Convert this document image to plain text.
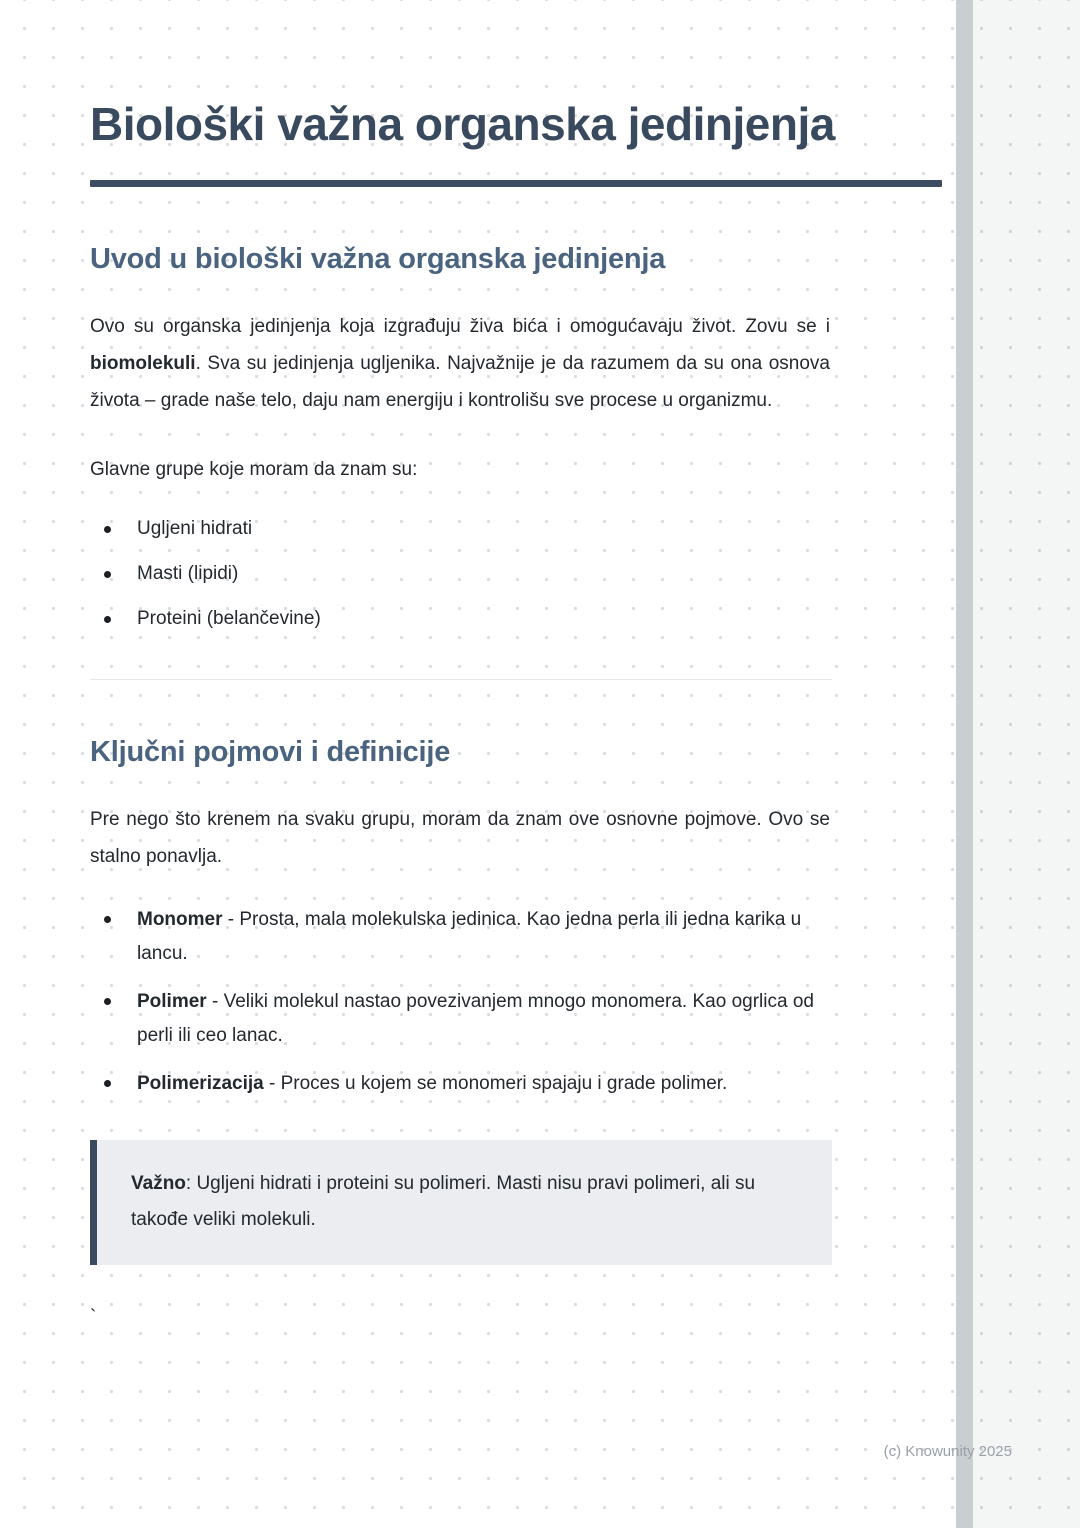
Biološki važna organska jedinjenja
Uvod u biološki važna organska jedinjenja
Ovo su organska jedinjenja koja izgrađuju živa bića i omogućavaju život. Zovu se i biomolekuli. Sva su jedinjenja ugljenika. Najvažnije je da razumem da su ona osnova života – grade naše telo, daju nam energiju i kontrolišu sve procese u organizmu.
Glavne grupe koje moram da znam su:
Ugljeni hidrati
Masti (lipidi)
Proteini (belančevine)
Ključni pojmovi i definicije
Pre nego što krenem na svaku grupu, moram da znam ove osnovne pojmove. Ovo se stalno ponavlja.
Monomer - Prosta, mala molekulska jedinica. Kao jedna perla ili jedna karika u lancu.
Polimer - Veliki molekul nastao povezivanjem mnogo monomera. Kao ogrlica od perli ili ceo lanac.
Polimerizacija - Proces u kojem se monomeri spajaju i grade polimer.
Važno: Ugljeni hidrati i proteini su polimeri. Masti nisu pravi polimeri, ali su takođe veliki molekuli.
`
(c) Knowunity 2025
